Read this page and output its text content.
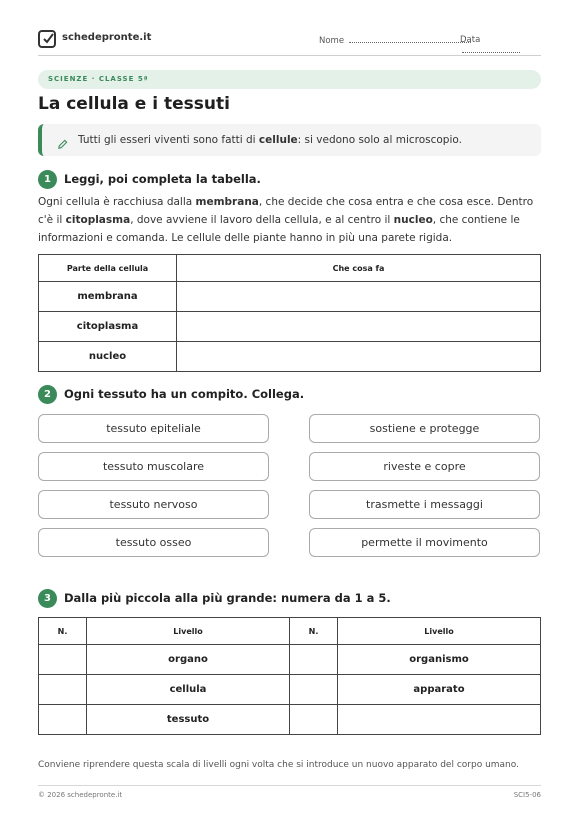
schedepronte.it	Nome	Data
SCIENZE · CLASSE 5ª
La cellula e i tessuti
Tutti gli esseri viventi sono fatti di cellule: si vedono solo al microscopio.
1	Leggi, poi completa la tabella.
Ogni cellula è racchiusa dalla membrana, che decide che cosa entra e che cosa esce. Dentro c'è il citoplasma, dove avviene il lavoro della cellula, e al centro il nucleo, che contiene le informazioni e comanda. Le cellule delle piante hanno in più una parete rigida.
Parte della cellula	Che cosa fa
membrana	
citoplasma	
nucleo	
2	Ogni tessuto ha un compito. Collega.
tessuto epiteliale
tessuto muscolare
tessuto nervoso
tessuto osseo
sostiene e protegge
riveste e copre
trasmette i messaggi
permette il movimento
3	Dalla più piccola alla più grande: numera da 1 a 5.
N.	Livello	N.	Livello
	organo		organismo
	cellula		apparato
	tessuto		
Conviene riprendere questa scala di livelli ogni volta che si introduce un nuovo apparato del corpo umano.
© 2026 schedepronte.it	SCI5-06
